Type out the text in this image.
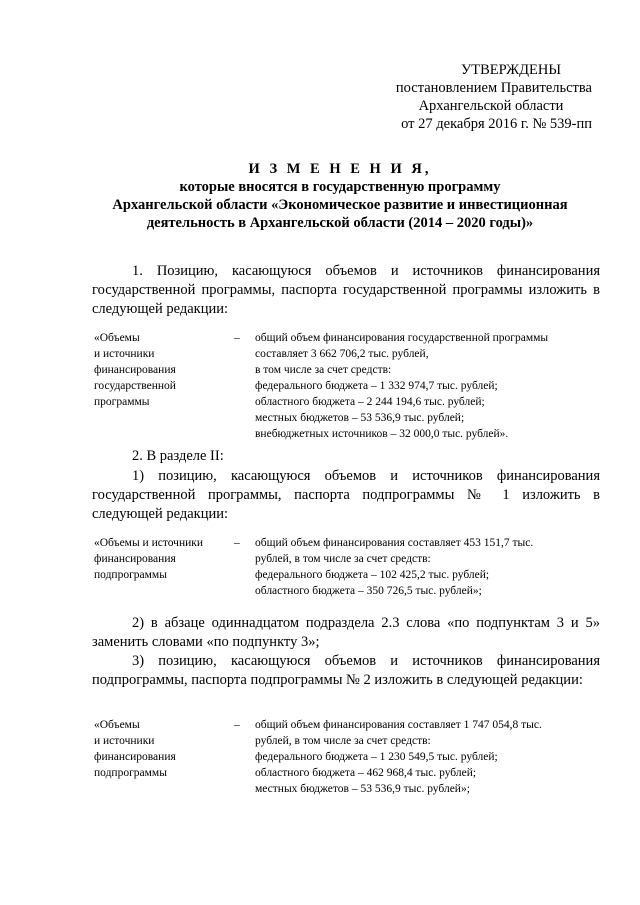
УТВЕРЖДЕНЫ
постановлением Правительства
Архангельской области
от 27 декабря 2016 г. № 539-пп
И З М Е Н Е Н И Я,
которые вносятся в государственную программу
Архангельской области «Экономическое развитие и инвестиционная
деятельность в Архангельской области (2014 – 2020 годы)»
1. Позицию, касающуюся объемов и источников финансирования государственной программы, паспорта государственной программы изложить в следующей редакции:
«Объемы
и источники
финансирования
государственной
программы
– общий объем финансирования государственной программы
составляет 3 662 706,2 тыс. рублей,
в том числе за счет средств:
федерального бюджета – 1 332 974,7 тыс. рублей;
областного бюджета – 2 244 194,6 тыс. рублей;
местных бюджетов – 53 536,9 тыс. рублей;
внебюджетных источников – 32 000,0 тыс. рублей».
2. В разделе II:
1) позицию, касающуюся объемов и источников финансирования государственной программы, паспорта подпрограммы № 1 изложить в следующей редакции:
«Объемы и источники
финансирования
подпрограммы
– общий объем финансирования составляет 453 151,7 тыс.
рублей, в том числе за счет средств:
федерального бюджета – 102 425,2 тыс. рублей;
областного бюджета – 350 726,5 тыс. рублей»;
2) в абзаце одиннадцатом подраздела 2.3 слова «по подпунктам 3 и 5» заменить словами «по подпункту 3»;
3) позицию, касающуюся объемов и источников финансирования подпрограммы, паспорта подпрограммы № 2 изложить в следующей редакции:
«Объемы
и источники
финансирования
подпрограммы
– общий объем финансирования составляет 1 747 054,8 тыс.
рублей, в том числе за счет средств:
федерального бюджета – 1 230 549,5 тыс. рублей;
областного бюджета – 462 968,4 тыс. рублей;
местных бюджетов – 53 536,9 тыс. рублей»;
